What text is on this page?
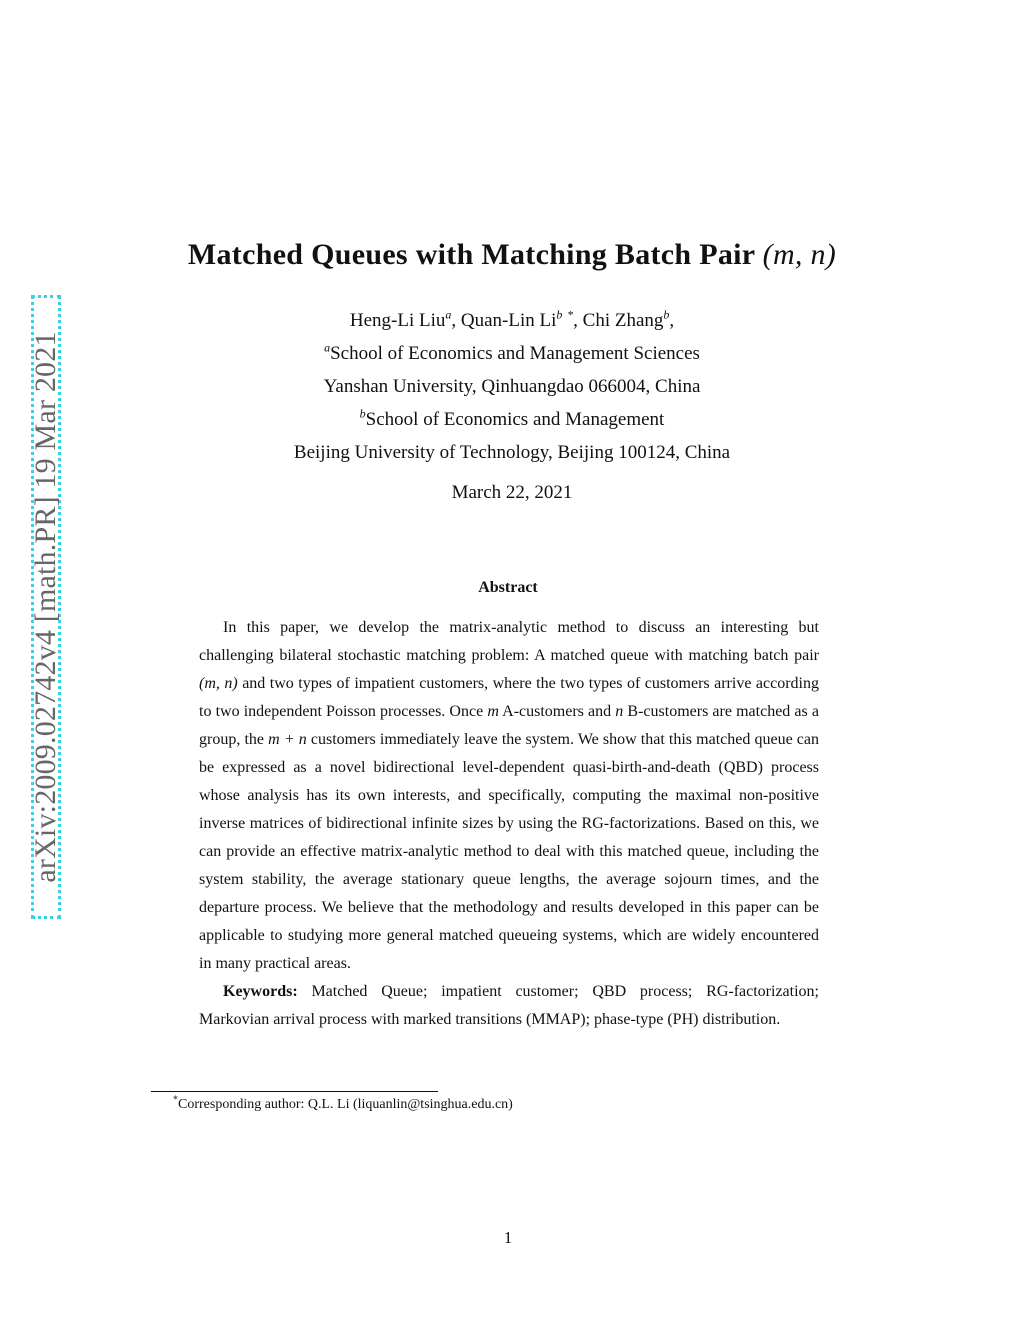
arXiv:2009.02742v4 [math.PR] 19 Mar 2021
Matched Queues with Matching Batch Pair (m, n)
Heng-Li Liu$^a$, Quan-Lin Li$^b$ *, Chi Zhang$^b$,
$^a$School of Economics and Management Sciences
Yanshan University, Qinhuangdao 066004, China
$^b$School of Economics and Management
Beijing University of Technology, Beijing 100124, China
March 22, 2021
Abstract

In this paper, we develop the matrix-analytic method to discuss an interesting but challenging bilateral stochastic matching problem: A matched queue with matching batch pair (m, n) and two types of impatient customers, where the two types of customers arrive according to two independent Poisson processes. Once m A-customers and n B-customers are matched as a group, the m + n customers immediately leave the system. We show that this matched queue can be expressed as a novel bidirectional level-dependent quasi-birth-and-death (QBD) process whose analysis has its own interests, and specifically, computing the maximal non-positive inverse matrices of bidirectional infinite sizes by using the RG-factorizations. Based on this, we can provide an effective matrix-analytic method to deal with this matched queue, including the system stability, the average stationary queue lengths, the average sojourn times, and the departure process. We believe that the methodology and results developed in this paper can be applicable to studying more general matched queueing systems, which are widely encountered in many practical areas.

Keywords: Matched Queue; impatient customer; QBD process; RG-factorization; Markovian arrival process with marked transitions (MMAP); phase-type (PH) distribution.

*Corresponding author: Q.L. Li (liquanlin@tsinghua.edu.cn)
1
